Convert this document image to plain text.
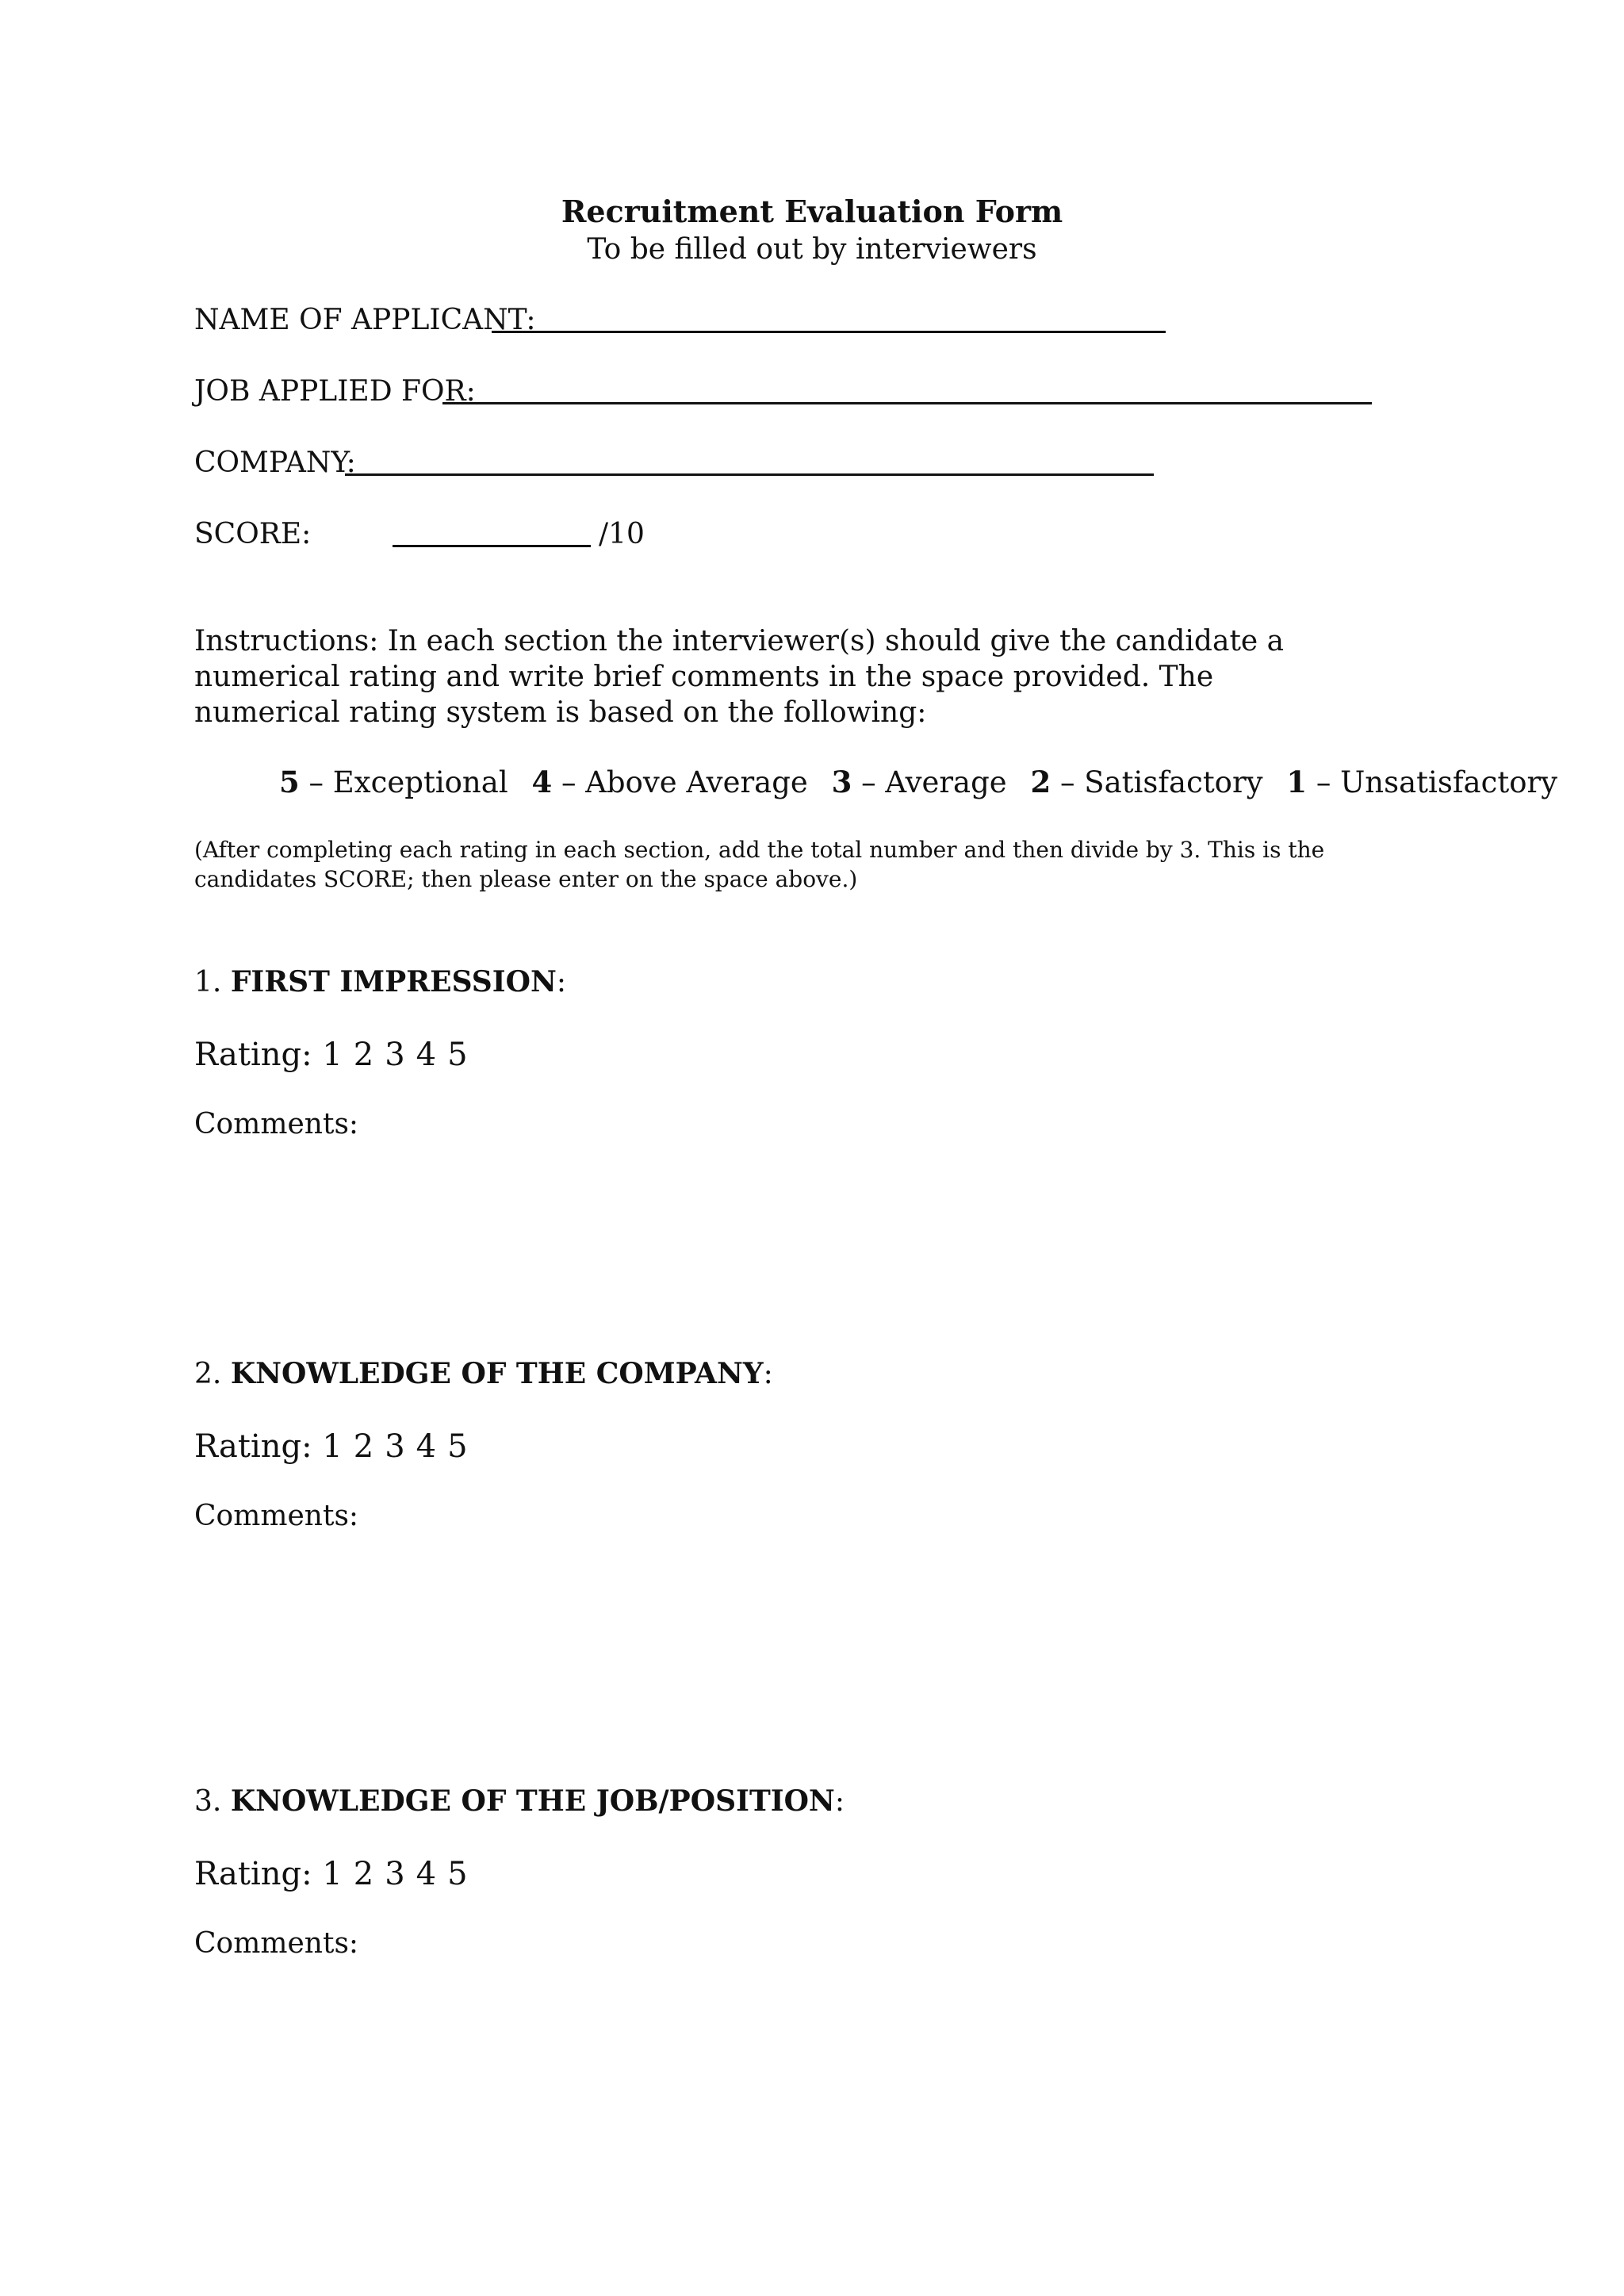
Recruitment Evaluation Form
To be filled out by interviewers
NAME OF APPLICANT:
JOB APPLIED FOR:
COMPANY:
SCORE:	/10
Instructions: In each section the interviewer(s) should give the candidate a numerical rating and write brief comments in the space provided. The numerical rating system is based on the following:
5 – Exceptional 4 – Above Average 3 – Average 2 – Satisfactory 1 – Unsatisfactory
(After completing each rating in each section, add the total number and then divide by 3. This is the candidates SCORE; then please enter on the space above.)
1. FIRST IMPRESSION:
Rating: 1 2 3 4 5
Comments:
2. KNOWLEDGE OF THE COMPANY:
Rating: 1 2 3 4 5
Comments:
3. KNOWLEDGE OF THE JOB/POSITION:
Rating: 1 2 3 4 5
Comments:
